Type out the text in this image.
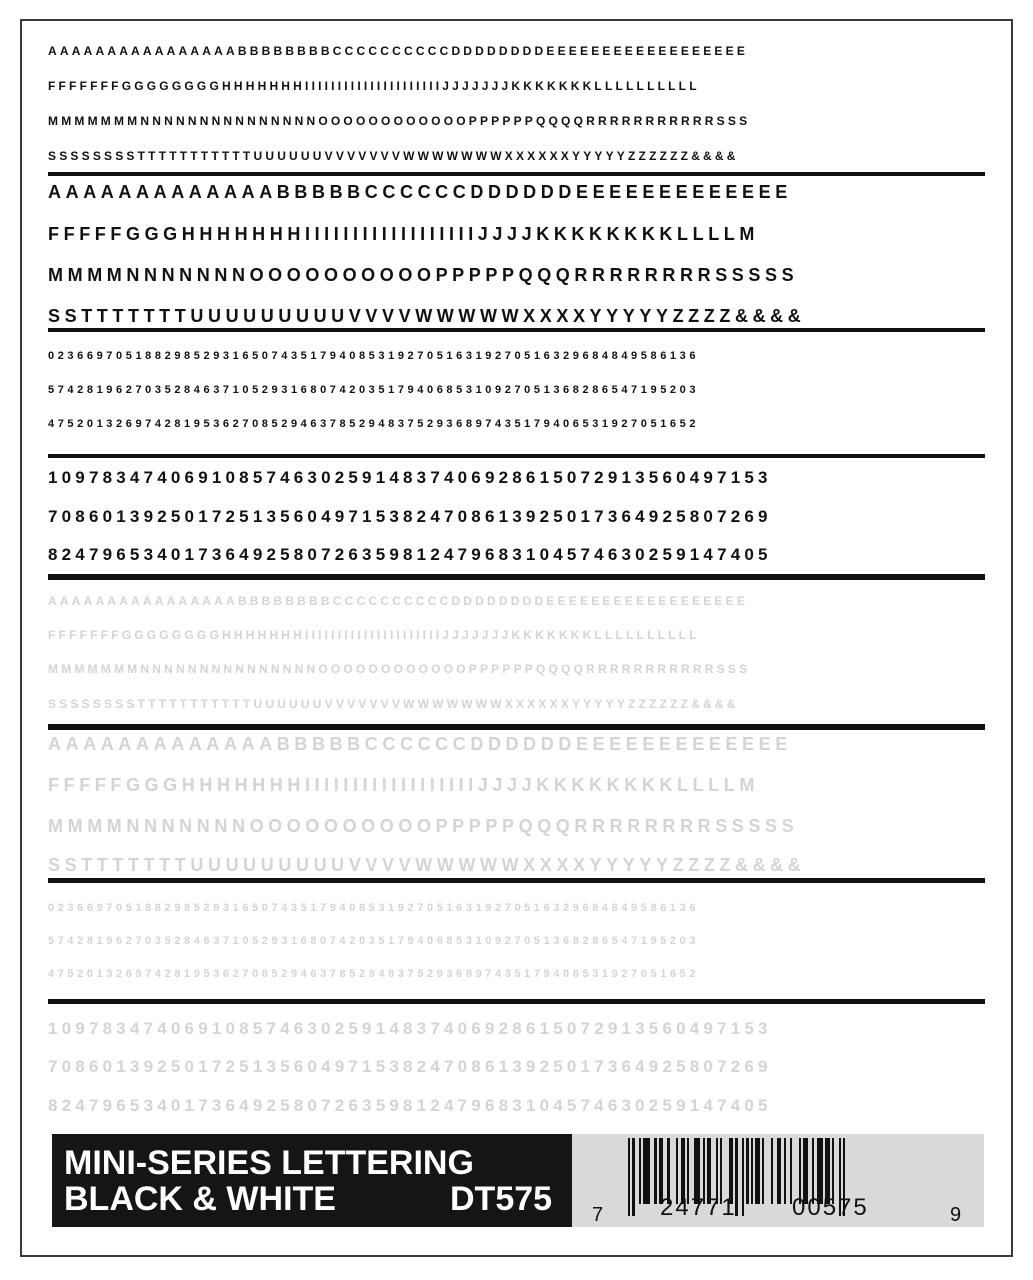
AAAAAAAAAAAAAAAABBBBBBBBCCCCCCCCCCDDDDDDDDEEEEEEEEEEEEEEEEEE
FFFFFFFGGGGGGGGHHHHHHHIIIIIIIIIIIIIIIIIIIIIJJJJJJJKKKKKKKLLLLLLLLLL
MMMMMMMNNNNNNNNNNNNNNNOOOOOOOOOOOOPPPPPPQQQQRRRRRRRRRRRSSS
SSSSSSSSTTTTTTTTTTTUUUUUUVVVVVVVWWWWWWWXXXXXXYYYYYZZZZZZ&&&&
AAAAAAAAAAAAABBBBBCCCCCCDDDDDDEEEEEEEEEEEEE
FFFFFGGGHHHHHHHIIIIIIIIIIIIIIIIIIJJJJKKKKKKKKLLLLM
MMMMNNNNNNNOOOOOOOOOOPPPPPQQQRRRRRRRRSSSSS
SSTTTTTTTUUUUUUUUUVVVVWWWWWXXXXYYYYYZZZZ&&&&
0236697051882985293165074351794085319270516319270516329684849586136
5742819627035284637105293168074203517940685310927051368286547195203
4752013269742819536270852946378529483752936897435179406531927051652
10978347406910857463025914837406928615072913560497153
70860139250172513560497153824708613925017364925807269
82479653401736492580726359812479683104574630259147405
AAAAAAAAAAAAAAAABBBBBBBBCCCCCCCCCCDDDDDDDDEEEEEEEEEEEEEEEEEE
FFFFFFFGGGGGGGGHHHHHHHIIIIIIIIIIIIIIIIIIIIIJJJJJJJKKKKKKKLLLLLLLLLL
MMMMMMMNNNNNNNNNNNNNNNOOOOOOOOOOOOPPPPPPQQQQRRRRRRRRRRRSSS
SSSSSSSSTTTTTTTTTTTUUUUUUVVVVVVVWWWWWWWXXXXXXYYYYYZZZZZZ&&&&
AAAAAAAAAAAAABBBBBCCCCCCDDDDDDEEEEEEEEEEEEE
FFFFFGGGHHHHHHHIIIIIIIIIIIIIIIIIIJJJJKKKKKKKKLLLLM
MMMMNNNNNNNOOOOOOOOOOPPPPPQQQRRRRRRRRSSSSS
SSTTTTTTTUUUUUUUUUVVVVWWWWWXXXXYYYYYZZZZ&&&&
0236697051882985293165074351794085319270516319270516329684849586136
5742819627035284637105293168074203517940685310927051368286547195203
4752013269742819536270852946378529483752936897435179406531927051652
10978347406910857463025914837406928615072913560497153
70860139250172513560497153824708613925017364925807269
82479653401736492580726359812479683104574630259147405
MINI-SERIES LETTERING
BLACK & WHITE	DT575 7 24771 00575	9
